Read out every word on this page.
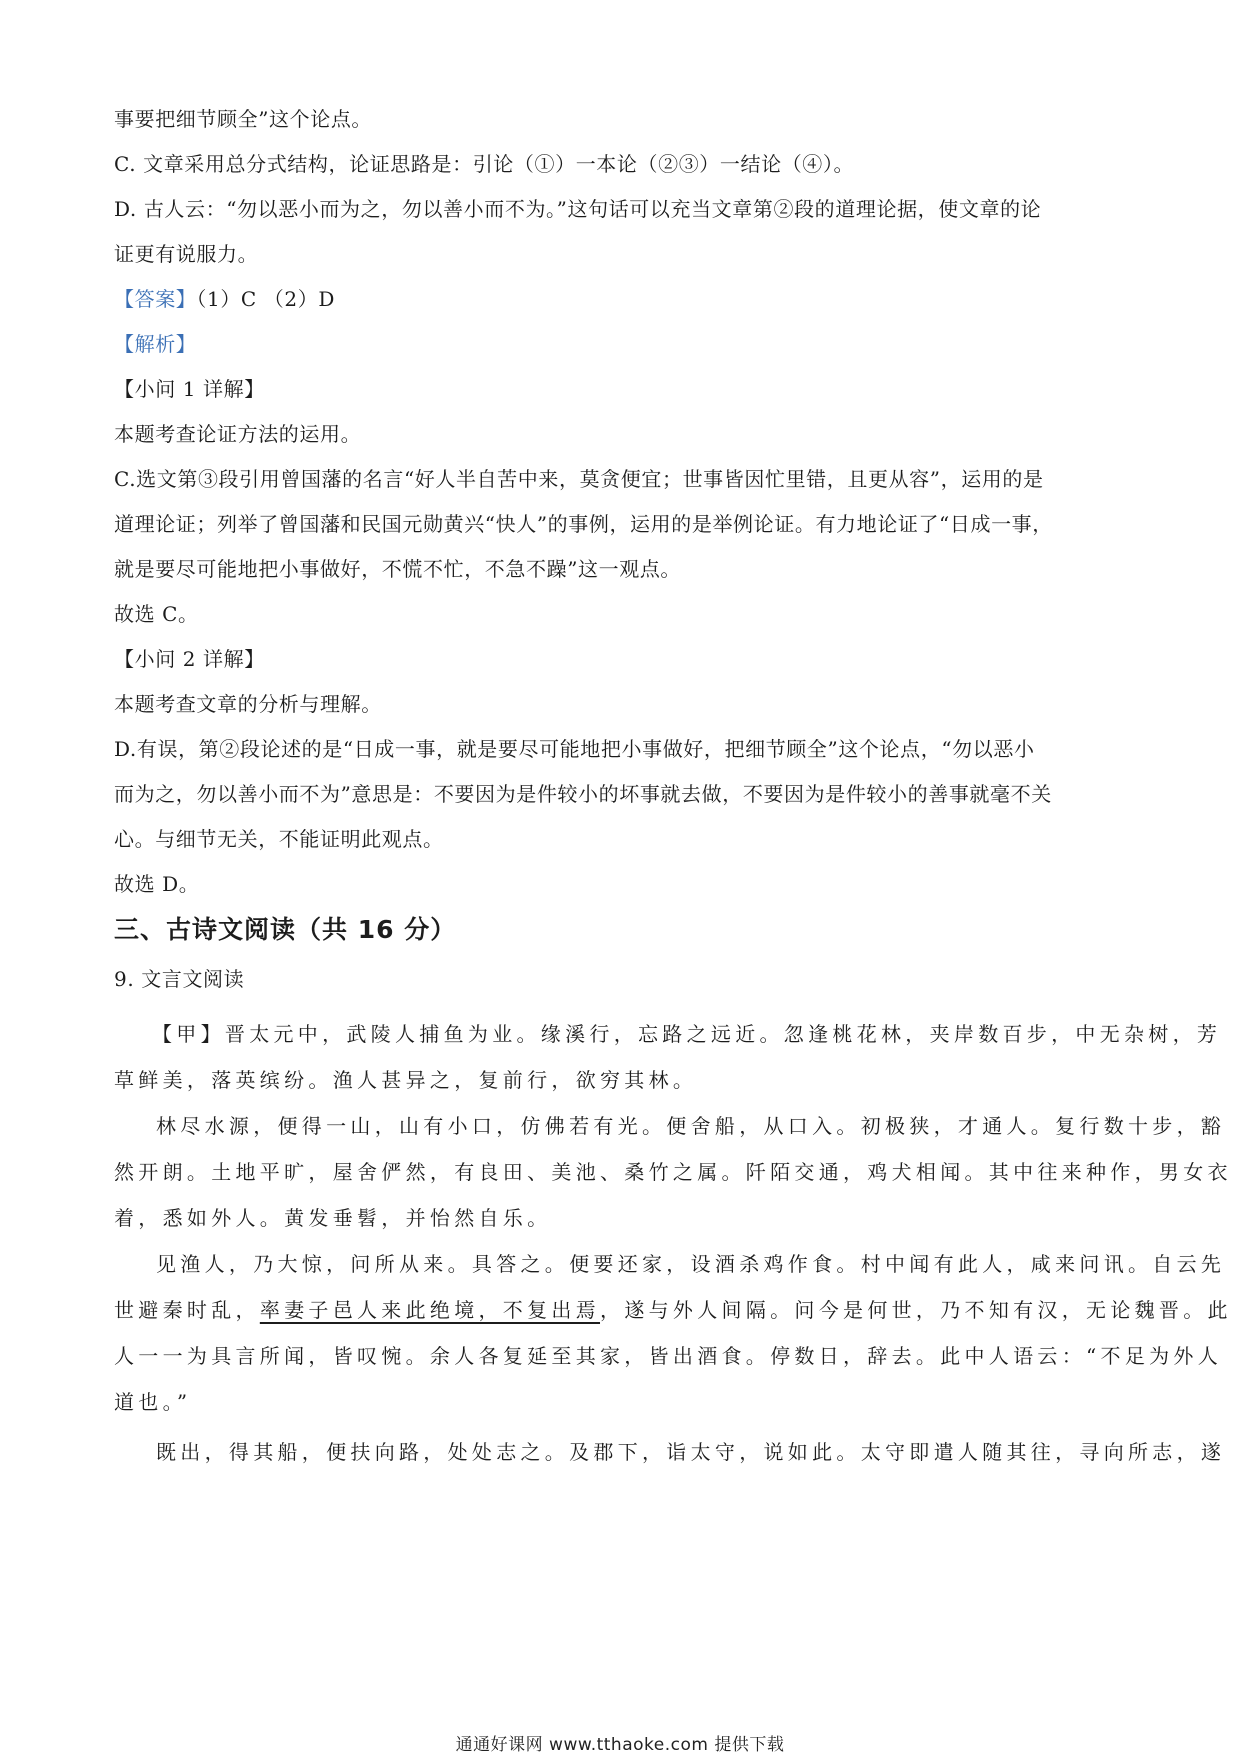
事要把细节顾全”这个论点。
C. 文章采用总分式结构，论证思路是：引论（①）一本论（②③）一结论（④）。
D. 古人云：“勿以恶小而为之，勿以善小而不为。”这句话可以充当文章第②段的道理论据，使文章的论
证更有说服力。
【答案】（1）C （2）D
【解析】
【小问 1 详解】
本题考查论证方法的运用。
C.选文第③段引用曾国藩的名言“好人半自苦中来，莫贪便宜；世事皆因忙里错，且更从容”，运用的是
道理论证；列举了曾国藩和民国元勋黄兴“快人”的事例，运用的是举例论证。有力地论证了“日成一事，
就是要尽可能地把小事做好，不慌不忙，不急不躁”这一观点。
故选 C。
【小问 2 详解】
本题考查文章的分析与理解。
D.有误，第②段论述的是“日成一事，就是要尽可能地把小事做好，把细节顾全”这个论点，“勿以恶小
而为之，勿以善小而不为”意思是：不要因为是件较小的坏事就去做，不要因为是件较小的善事就毫不关
心。与细节无关，不能证明此观点。
故选 D。
三、古诗文阅读（共 16 分）
9. 文言文阅读
【甲】晋太元中，武陵人捕鱼为业。缘溪行，忘路之远近。忽逢桃花林，夹岸数百步，中无杂树，芳
草鲜美，落英缤纷。渔人甚异之，复前行，欲穷其林。
林尽水源，便得一山，山有小口，仿佛若有光。便舍船，从口入。初极狭，才通人。复行数十步，豁
然开朗。土地平旷，屋舍俨然，有良田、美池、桑竹之属。阡陌交通，鸡犬相闻。其中往来种作，男女衣
着，悉如外人。黄发垂髫，并怡然自乐。
见渔人，乃大惊，问所从来。具答之。便要还家，设酒杀鸡作食。村中闻有此人，咸来问讯。自云先
世避秦时乱，率妻子邑人来此绝境，不复出焉，遂与外人间隔。问今是何世，乃不知有汉，无论魏晋。此
人一一为具言所闻，皆叹惋。余人各复延至其家，皆出酒食。停数日，辞去。此中人语云：“不足为外人
道也。”
既出，得其船，便扶向路，处处志之。及郡下，诣太守，说如此。太守即遣人随其往，寻向所志，遂
通通好课网 www.tthaoke.com 提供下载
